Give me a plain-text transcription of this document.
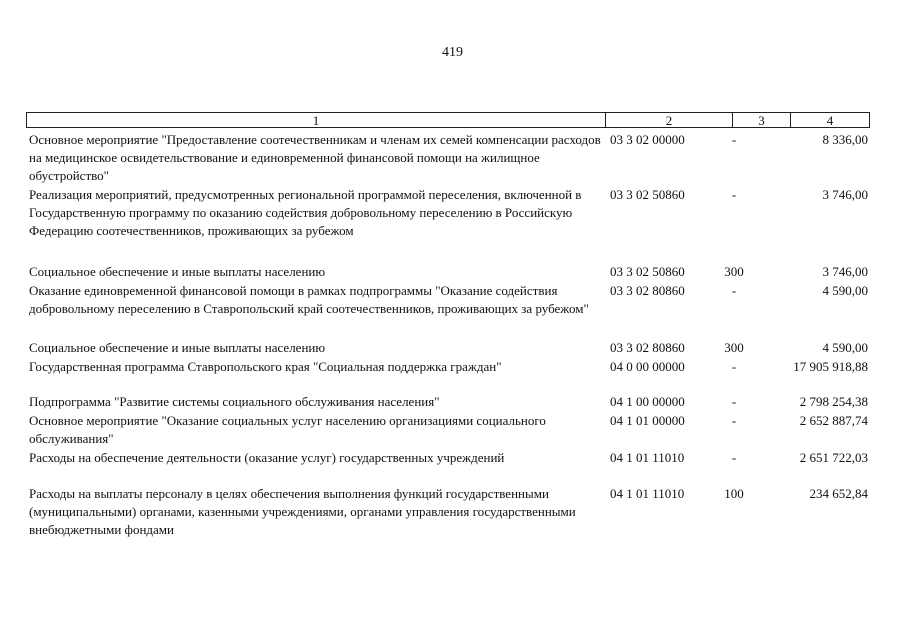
419
1	2	3	4
Основное мероприятие "Предоставление соотечественникам и членам их семей компенсации расходов на медицинское освидетельствование и единовременной финансовой помощи на жилищное обустройство"
03 3 02 00000	-	8 336,00
Реализация мероприятий, предусмотренных региональной программой переселения, включенной в Государственную программу по оказанию содействия добровольному переселению в Российскую Федерацию соотечественников, проживающих за рубежом
03 3 02 50860	-	3 746,00
Социальное обеспечение и иные выплаты населению	03 3 02 50860	300	3 746,00
Оказание единовременной финансовой помощи в рамках подпрограммы "Оказание содействия добровольному переселению в Ставропольский край соотечественников, проживающих за рубежом"
03 3 02 80860	-	4 590,00
Социальное обеспечение и иные выплаты населению	03 3 02 80860	300	4 590,00
Государственная программа Ставропольского края "Социальная поддержка граждан"	04 0 00 00000	-	17 905 918,88
Подпрограмма "Развитие системы социального обслуживания населения"	04 1 00 00000	-	2 798 254,38
Основное мероприятие "Оказание социальных услуг населению организациями социального обслуживания"
04 1 01 00000	-	2 652 887,74
Расходы на обеспечение деятельности (оказание услуг) государственных учреждений	04 1 01 11010	-	2 651 722,03
Расходы на выплаты персоналу в целях обеспечения выполнения функций государственными (муниципальными) органами, казенными учреждениями, органами управления государственными внебюджетными фондами
04 1 01 11010	100	234 652,84
